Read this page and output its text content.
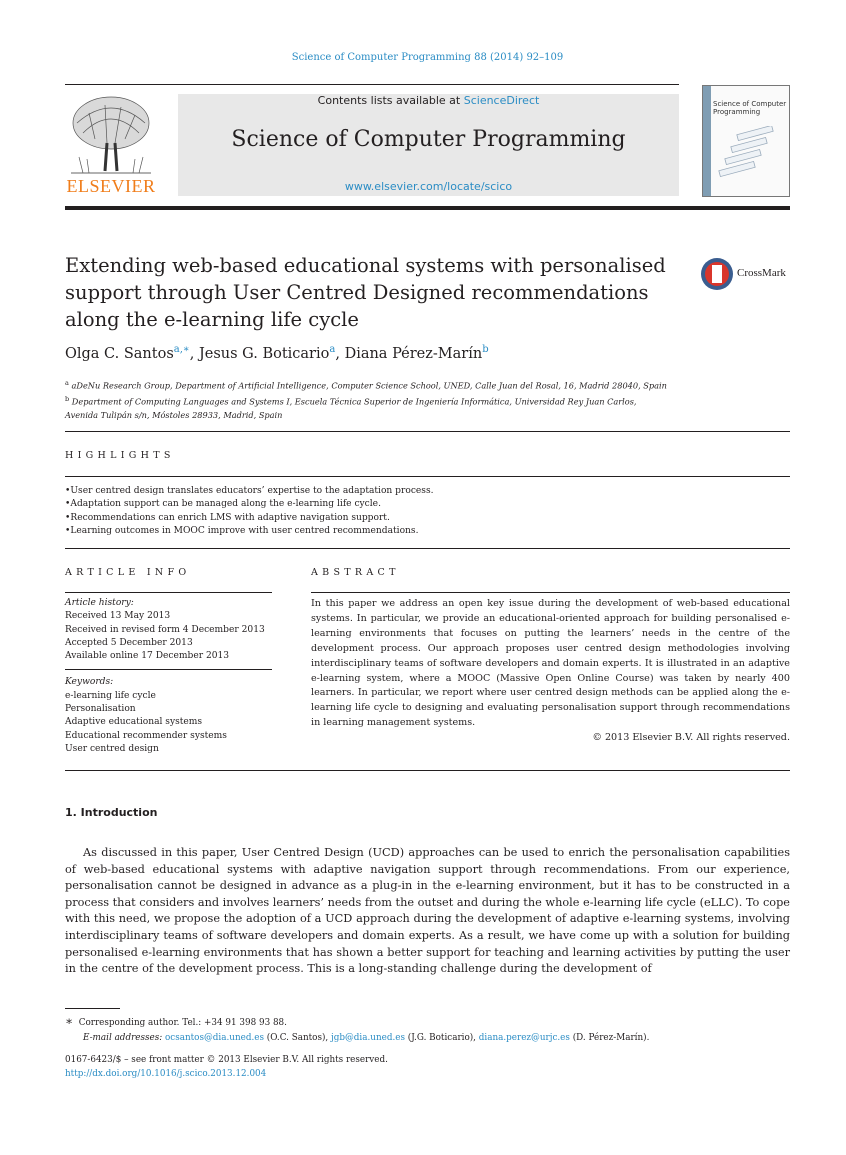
Science of Computer Programming 88 (2014) 92–109
ELSEVIER
Contents lists available at ScienceDirect
Science of Computer Programming
www.elsevier.com/locate/scico
Science of Computer
Programming
Extending web-based educational systems with personalised support through User Centred Designed recommendations along the e-learning life cycle
CrossMark
Olga C. Santos$^{a,∗}$, Jesus G. Boticario$^a$, Diana Pérez-Marín$^b$
$^a$ aDeNu Research Group, Department of Artificial Intelligence, Computer Science School, UNED, Calle Juan del Rosal, 16, Madrid 28040, Spain
$^b$ Department of Computing Languages and Systems I, Escuela Técnica Superior de Ingeniería Informática, Universidad Rey Juan Carlos,
Avenida Tulipán s/n, Móstoles 28933, Madrid, Spain
HIGHLIGHTS
• User centred design translates educators’ expertise to the adaptation process.
• Adaptation support can be managed along the e-learning life cycle.
• Recommendations can enrich LMS with adaptive navigation support.
• Learning outcomes in MOOC improve with user centred recommendations.
ARTICLE INFO
Article history:
Received 13 May 2013
Received in revised form 4 December 2013
Accepted 5 December 2013
Available online 17 December 2013
Keywords:
e-learning life cycle
Personalisation
Adaptive educational systems
Educational recommender systems
User centred design
ABSTRACT
In this paper we address an open key issue during the development of web-based educational systems. In particular, we provide an educational-oriented approach for building personalised e-learning environments that focuses on putting the learners’ needs in the centre of the development process. Our approach proposes user centred design methodologies involving interdisciplinary teams of software developers and domain experts. It is illustrated in an adaptive e-learning system, where a MOOC (Massive Open Online Course) was taken by nearly 400 learners. In particular, we report where user centred design methods can be applied along the e-learning life cycle to designing and evaluating personalisation support through recommendations in learning management systems.
© 2013 Elsevier B.V. All rights reserved.
1. Introduction
As discussed in this paper, User Centred Design (UCD) approaches can be used to enrich the personalisation capabilities of web-based educational systems with adaptive navigation support through recommendations. From our experience, personalisation cannot be designed in advance as a plug-in in the e-learning environment, but it has to be constructed in a process that considers and involves learners’ needs from the outset and during the whole e-learning life cycle (eLLC). To cope with this need, we propose the adoption of a UCD approach during the development of adaptive e-learning systems, involving interdisciplinary teams of software developers and domain experts. As a result, we have come up with a solution for building personalised e-learning environments that has shown a better support for teaching and learning activities by putting the user in the centre of the development process. This is a long-standing challenge during the development of
∗ Corresponding author. Tel.: +34 91 398 93 88.
E-mail addresses: ocsantos@dia.uned.es (O.C. Santos), jgb@dia.uned.es (J.G. Boticario), diana.perez@urjc.es (D. Pérez-Marín).
0167-6423/$ – see front matter © 2013 Elsevier B.V. All rights reserved.
http://dx.doi.org/10.1016/j.scico.2013.12.004
